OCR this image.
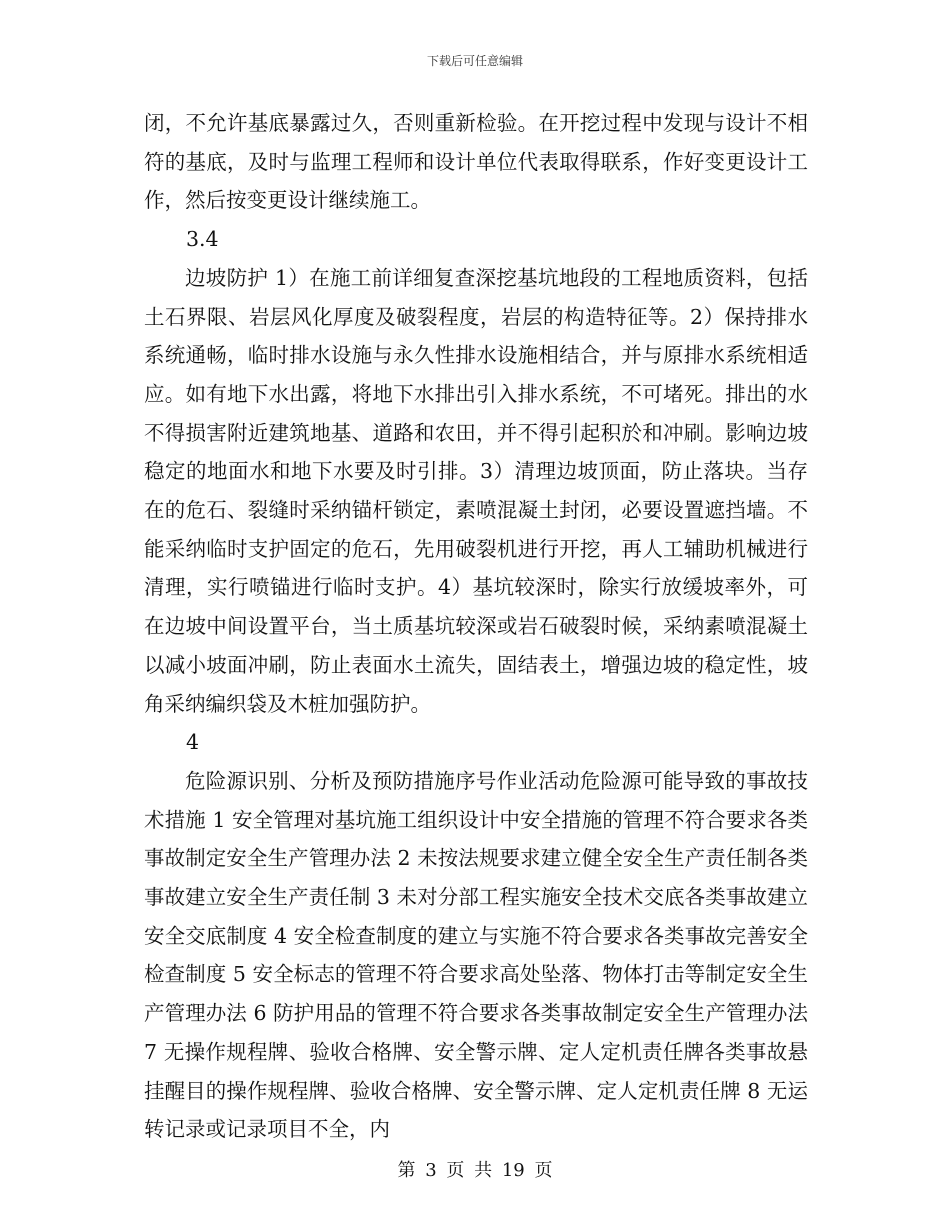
下载后可任意编辑

闭，不允许基底暴露过久，否则重新检验。在开挖过程中发现与设计不相符的基底，及时与监理工程师和设计单位代表取得联系，作好变更设计工作，然后按变更设计继续施工。

3.4

边坡防护 1）在施工前详细复查深挖基坑地段的工程地质资料，包括土石界限、岩层风化厚度及破裂程度，岩层的构造特征等。2）保持排水系统通畅，临时排水设施与永久性排水设施相结合，并与原排水系统相适应。如有地下水出露，将地下水排出引入排水系统，不可堵死。排出的水不得损害附近建筑地基、道路和农田，并不得引起积於和冲刷。影响边坡稳定的地面水和地下水要及时引排。3）清理边坡顶面，防止落块。当存在的危石、裂缝时采纳锚杆锁定，素喷混凝土封闭，必要设置遮挡墙。不能采纳临时支护固定的危石，先用破裂机进行开挖，再人工辅助机械进行清理，实行喷锚进行临时支护。4）基坑较深时，除实行放缓坡率外，可在边坡中间设置平台，当土质基坑较深或岩石破裂时候，采纳素喷混凝土以减小坡面冲刷，防止表面水土流失，固结表土，增强边坡的稳定性，坡角采纳编织袋及木桩加强防护。

4

危险源识别、分析及预防措施序号作业活动危险源可能导致的事故技术措施 1 安全管理对基坑施工组织设计中安全措施的管理不符合要求各类事故制定安全生产管理办法 2 未按法规要求建立健全安全生产责任制各类事故建立安全生产责任制 3 未对分部工程实施安全技术交底各类事故建立安全交底制度 4 安全检查制度的建立与实施不符合要求各类事故完善安全检查制度 5 安全标志的管理不符合要求高处坠落、物体打击等制定安全生产管理办法 6 防护用品的管理不符合要求各类事故制定安全生产管理办法 7 无操作规程牌、验收合格牌、安全警示牌、定人定机责任牌各类事故悬挂醒目的操作规程牌、验收合格牌、安全警示牌、定人定机责任牌 8 无运转记录或记录项目不全，内

第 3 页 共 19 页
